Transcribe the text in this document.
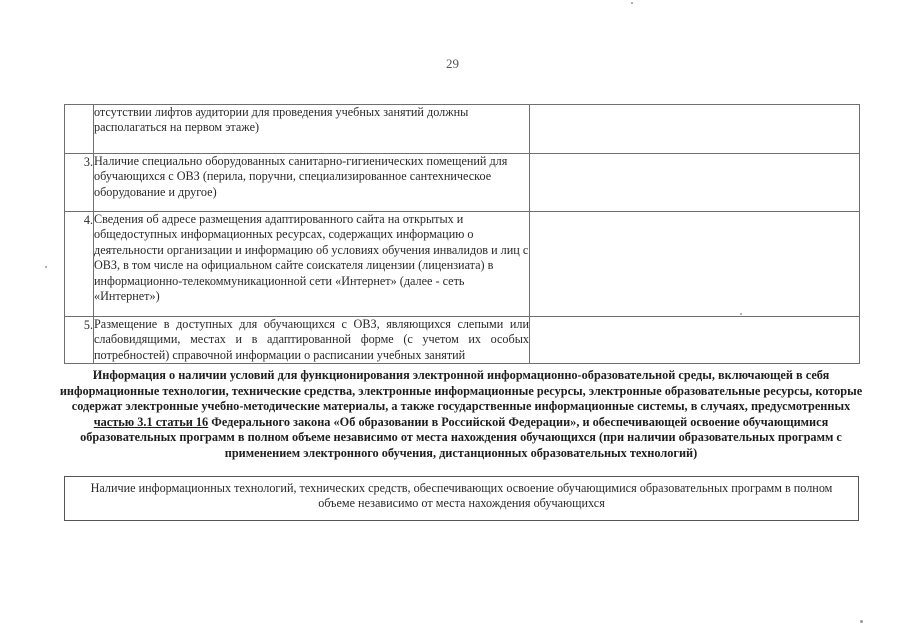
29
	отсутствии лифтов аудитории для проведения учебных занятий должны располагаться на первом этаже)	
3.	Наличие специально оборудованных санитарно-гигиенических помещений для обучающихся с ОВЗ (перила, поручни, специализированное сантехническое оборудование и другое)	
4.	Сведения об адресе размещения адаптированного сайта на открытых и общедоступных информационных ресурсах, содержащих информацию о деятельности организации и информацию об условиях обучения инвалидов и лиц с ОВЗ, в том числе на официальном сайте соискателя лицензии (лицензиата) в информационно-телекоммуникационной сети «Интернет» (далее - сеть «Интернет»)	
5.	Размещение в доступных для обучающихся с ОВЗ, являющихся слепыми или слабовидящими, местах и в адаптированной форме (с учетом их особых потребностей) справочной информации о расписании учебных занятий	
Информация о наличии условий для функционирования электронной информационно-образовательной среды, включающей в себя информационные технологии, технические средства, электронные информационные ресурсы, электронные образовательные ресурсы, которые содержат электронные учебно-методические материалы, а также государственные информационные системы, в случаях, предусмотренных частью 3.1 статьи 16 Федерального закона «Об образовании в Российской Федерации», и обеспечивающей освоение обучающимися образовательных программ в полном объеме независимо от места нахождения обучающихся (при наличии образовательных программ с применением электронного обучения, дистанционных образовательных технологий)
Наличие информационных технологий, технических средств, обеспечивающих освоение обучающимися образовательных программ в полном объеме независимо от места нахождения обучающихся
